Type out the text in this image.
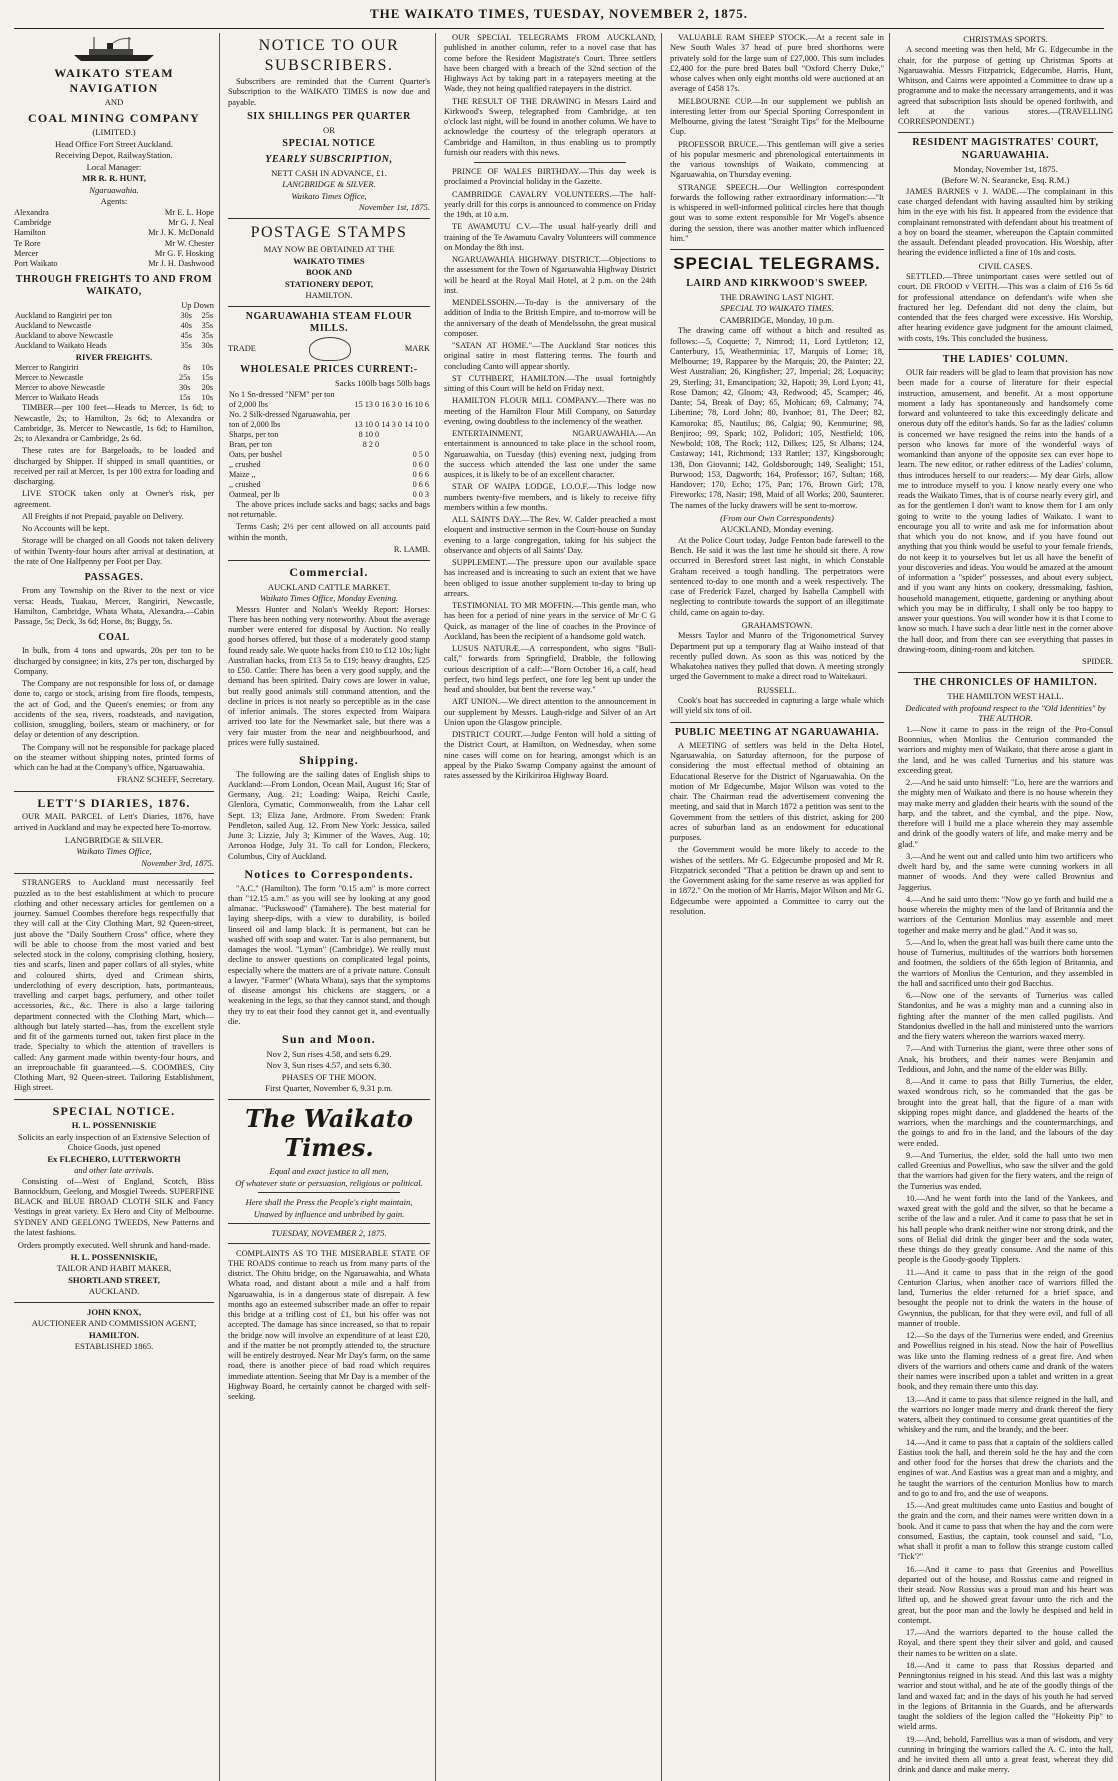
THE WAIKATO TIMES, TUESDAY, NOVEMBER 2, 1875.
WAIKATO STEAM NAVIGATION
AND
COAL MINING COMPANY
(LIMITED.)
Head Office Fort Street Auckland.
Receiving Depot, RailwayStation.
Local Manager:
MR R. R. HUNT,
Ngaruawahia.
Agents:
Alexandra	Mr E. L. Hope
Cambridge	Mr G. J. Neal
Hamilton	Mr J. K. McDonald
Te Rore	Mr W. Chester
Mercer	Mr G. F. Hosking
Port Waikato	Mr J. H. Dashwood
THROUGH FREIGHTS TO AND FROM WAIKATO,
Up Down
Auckland to Rangiriri per ton	30s	25s
Auckland to Newcastle	40s	35s
Auckland to above Newcastle	45s	35s
Auckland to Waikato Heads	35s	30s
RIVER FREIGHTS.
Mercer to Rangiriri	8s	10s
Mercer to Newcastle	25s	15s
Mercer to above Newcastle	30s	20s
Mercer to Waikato Heads	15s	10s

TIMBER—per 100 feet—Heads to Mercer, 1s 6d; to Newcastle, 2s; to Hamilton, 2s 6d; to Alexandra or Cambridge, 3s. Mercer to Newcastle, 1s 6d; to Hamilton, 2s; to Alexandra or Cambridge, 2s 6d.

These rates are for Bargeloads, to be loaded and discharged by Shipper. If shipped in small quantities, or received per rail at Mercer, 1s per 100 extra for loading and discharging.

LIVE STOCK taken only at Owner's risk, per agreement.

All Freights if not Prepaid, payable on Delivery.

No Accounts will be kept.

Storage will be charged on all Goods not taken delivery of within Twenty-four hours after arrival at destination, at the rate of One Halfpenny per Foot per Day.

PASSAGES.

From any Township on the River to the next or vice versa: Heads, Tuakau, Mercer, Rangiriri, Newcastle, Hamilton, Cambridge, Whata Whata, Alexandra.—Cabin Passage, 5s; Deck, 3s 6d; Horse, 8s; Buggy, 5s.

COAL

In bulk, from 4 tons and upwards, 20s per ton to be discharged by consignee; in kits, 27s per ton, discharged by Company.

The Company are not responsible for loss of, or damage done to, cargo or stock, arising from fire floods, tempests, the act of God, and the Queen's enemies; or from any accidents of the sea, rivers, roadsteads, and navigation, collision, smuggling, boilers, steam or machinery, or for delay or detention of any description.

The Company will not be responsible for package placed on the steamer without shipping notes, printed forms of which can be had at the Company's office, Ngaruawahia.

FRANZ SCHEFF, Secretary.
LETT'S DIARIES, 1876.

OUR MAIL PARCEL of Lett's Diaries, 1876, have arrived in Auckland and may be expected here To-morrow.

LANGBRIDGE & SILVER.
Waikato Times Office,
November 3rd, 1875.

STRANGERS to Auckland must necessarily feel puzzled as to the best establishment at which to procure clothing and other necessary articles for gentlemen on a journey. Samuel Coombes therefore begs respectfully that they will call at the City Clothing Mart, 92 Queen-street, just above the "Daily Southern Cross" office, where they will be able to choose from the most varied and best selected stock in the colony, comprising clothing, hosiery, ties and scarfs, linen and paper collars of all styles, white and coloured shirts, dyed and Crimean shirts, underclothing of every description, hats, portmanteaus, travelling and carpet bags, perfumery, and other toilet accessories, &c., &c. There is also a large tailoring department connected with the Clothing Mart, which—although but lately started—has, from the excellent style and fit of the garments turned out, taken first place in the trade. Specialty to which the attention of travellers is called: Any garment made within twenty-four hours, and an irreproachable fit guaranteed.—S. COOMBES, City Clothing Mart, 92 Queen-street. Tailoring Establishment, High street.

SPECIAL NOTICE.
H. L. POSSENNISKIE
Solicits an early inspection of an Extensive Selection of Choice Goods, just opened
Ex FLECHERO, LUTTERWORTH
and other late arrivals.

Consisting of—West of England, Scotch, Bliss Bannockburn, Geelong, and Mosgiel Tweeds. SUPERFINE BLACK and BLUE BROAD CLOTH SILK and Fancy Vestings in great variety. Ex Hero and City of Melbourne. SYDNEY AND GEELONG TWEEDS, New Patterns and the latest fashions.

Orders promptly executed. Well shrunk and hand-made.
H. L. POSSENNISKIE,
TAILOR AND HABIT MAKER,
SHORTLAND STREET,
AUCKLAND.
JOHN KNOX,
AUCTIONEER AND COMMISSION AGENT,
HAMILTON.
ESTABLISHED 1865.
NOTICE TO OUR SUBSCRIBERS.

Subscribers are reminded that the Current Quarter's Subscription to the WAIKATO TIMES is now due and payable.

SIX SHILLINGS PER QUARTER
OR
SPECIAL NOTICE
YEARLY SUBSCRIPTION,
NETT CASH IN ADVANCE, £1.
LANGBRIDGE & SILVER.
Waikato Times Office,
November 1st, 1875.
POSTAGE STAMPS
MAY NOW BE OBTAINED AT THE
WAIKATO TIMES
BOOK AND
STATIONERY DEPOT,
HAMILTON.
NGARUAWAHIA STEAM FLOUR MILLS.
TRADE	MARK
WHOLESALE PRICES CURRENT:-
Sacks 100lb bags 50lb bags
No 1 Sn-dressed "NFM" per ton			
of 2,000 lbs	15 13 0	16 3 0	16 10 6
No. 2 Silk-dressed Ngaruawahia, per			
ton of 2,000 lbs	13 10 0	14 3 0	14 10 0
Sharps, per ton	8 10 0		
Bran, per ton	8 2 0		
Oats, per bushel	0 5 0
,, crushed	0 6 0
Maize ,,	0 6 6
,, crushed	0 6 6
Oatmeal, per lb	0 0 3

The above prices include sacks and bags; sacks and bags not returnable.

Terms Cash; 2½ per cent allowed on all accounts paid within the month.

R. LAMB.
Commercial.
AUCKLAND CATTLE MARKET.
Waikato Times Office, Monday Evening.

Messrs Hunter and Nolan's Weekly Report: Horses: There has been nothing very noteworthy. About the average number were entered for disposal by Auction. No really good horses offered, but those of a moderately good stamp found ready sale. We quote hacks from £10 to £12 10s; light Australian hacks, from £13 5s to £19; heavy draughts, £25 to £50. Cattle: There has been a very good supply, and the demand has been spirited. Dairy cows are lower in value, but really good animals still command attention, and the decline in prices is not nearly so perceptible as in the case of inferior animals. The stores expected from Waipara arrived too late for the Newmarket sale, but there was a very fair muster from the near and neighbourhood, and prices were fully sustained.

Shipping.

The following are the sailing dates of English ships to Auckland:—From London, Ocean Mail, August 16; Star of Germany, Aug. 21; Loading: Waipa, Reichi Castle, Glenlora, Cymatic, Commonwealth, from the Lahar cell Sept. 13; Eliza Jane, Ardmore. From Sweden: Frank Pendleton, sailed Aug. 12. From New York: Jessica, sailed June 3; Lizzie, July 3; Kimmer of the Waves, Aug. 10; Arronoa Hodge, July 31. To call for London, Fleckero, Columbus, City of Auckland.

Notices to Correspondents.

"A.C." (Hamilton). The form "0.15 a.m" is more correct than "12.15 a.m." as you will see by looking at any good almanac. "Puckswood" (Tamahere). The best material for laying sheep-dips, with a view to durability, is boiled linseed oil and lamp black. It is permanent, but can be washed off with soap and water. Tar is also permanent, but damages the wool. "Lyman" (Cambridge). We really must decline to answer questions on complicated legal points, especially where the matters are of a private nature. Consult a lawyer. "Farmer" (Whata Whata), says that the symptoms of disease amongst his chickens are staggers, or a weakening in the legs, so that they cannot stand, and though they try to eat their food they cannot get it, and eventually die.

Sun and Moon.
Nov 2, Sun rises 4.58, and sets 6.29.
Nov 3, Sun rises 4.57, and sets 6.30.
PHASES OF THE MOON.
First Quarter, November 6, 9.31 p.m.
The Waikato Times.
Equal and exact justice to all men,
Of whatever state or persuasion, religious or political.
Here shall the Press the People's right maintain,
Unawed by influence and unbribed by gain.
TUESDAY, NOVEMBER 2, 1875.

COMPLAINTS AS TO THE MISERABLE STATE OF THE ROADS continue to reach us from many parts of the district. The Ohitu bridge, on the Ngaruawahia, and Whata Whata road, and distant about a mile and a half from Ngaruawahia, is in a dangerous state of disrepair. A few months ago an esteemed subscriber made an offer to repair this bridge at a trifling cost of £1, but his offer was not accepted. The damage has since increased, so that to repair the bridge now will involve an expenditure of at least £20, and if the matter be not promptly attended to, the structure will be entirely destroyed. Near Mr Day's farm, on the same road, there is another piece of bad road which requires immediate attention. Seeing that Mr Day is a member of the Highway Board, he certainly cannot be charged with self-seeking.

OUR SPECIAL TELEGRAMS FROM AUCKLAND, published in another column, refer to a novel case that has come before the Resident Magistrate's Court. Three settlers have been charged with a breach of the 32nd section of the Highways Act by taking part in a ratepayers meeting at the Wade, they not being qualified ratepayers in the district.

THE RESULT OF THE DRAWING in Messrs Laird and Kirkwood's Sweep, telegraphed from Cambridge, at ten o'clock last night, will be found in another column. We have to acknowledge the courtesy of the telegraph operators at Cambridge and Hamilton, in thus enabling us to promptly furnish our readers with this news.

PRINCE OF WALES BIRTHDAY.—This day week is proclaimed a Provincial holiday in the Gazette.

CAMBRIDGE CAVALRY VOLUNTEERS.—The half-yearly drill for this corps is announced to commence on Friday the 19th, at 10 a.m.

TE AWAMUTU C.V.—The usual half-yearly drill and training of the Te Awamutu Cavalry Volunteers will commence on Monday the 8th inst.

NGARUAWAHIA HIGHWAY DISTRICT.—Objections to the assessment for the Town of Ngaruawahia Highway District will be heard at the Royal Mail Hotel, at 2 p.m. on the 24th inst.

MENDELSSOHN.—To-day is the anniversary of the addition of India to the British Empire, and to-morrow will be the anniversary of the death of Mendelssohn, the great musical composer.

"SATAN AT HOME."—The Auckland Star notices this original satire in most flattering terms. The fourth and concluding Canto will appear shortly.

ST CUTHBERT, HAMILTON.—The usual fortnightly sitting of this Court will be held on Friday next.

HAMILTON FLOUR MILL COMPANY.—There was no meeting of the Hamilton Flour Mill Company, on Saturday evening, owing doubtless to the inclemency of the weather.

ENTERTAINMENT, NGARUAWAHIA.—An entertainment is announced to take place in the school room, Ngaruawahia, on Tuesday (this) evening next, judging from the success which attended the last one under the same auspices, it is likely to be of an excellent character.

STAR OF WAIPA LODGE, I.O.O.F.—This lodge now numbers twenty-five members, and is likely to receive fifty members within a few months.

ALL SAINTS DAY.—The Rev. W. Calder preached a most eloquent and instructive sermon in the Court-house on Sunday evening to a large congregation, taking for his subject the observance and objects of all Saints' Day.

SUPPLEMENT.—The pressure upon our available space has increased and is increasing to such an extent that we have been obliged to issue another supplement to-day to bring up arrears.

TESTIMONIAL TO MR MOFFIN.—This gentle man, who has been for a period of nine years in the service of Mr C G Quick, as manager of the line of coaches in the Province of Auckland, has been the recipient of a handsome gold watch.

LUSUS NATURÆ.—A correspondent, who signs "Bull-calf," forwards from Springfield, Drabble, the following curious description of a calf:—"Born October 16, a calf, head perfect, two hind legs perfect, one fore leg bent up under the head and shoulder, but bent the reverse way."

ART UNION.—We direct attention to the announcement in our supplement by Messrs. Laugh-ridge and Silver of an Art Union upon the Glasgow principle.

DISTRICT COURT.—Judge Fenton will hold a sitting of the District Court, at Hamilton, on Wednesday, when some nine cases will come on for hearing, amongst which is an appeal by the Piako Swamp Company against the amount of rates assessed by the Kirikiriroa Highway Board.

VALUABLE RAM SHEEP STOCK.—At a recent sale in New South Wales 37 head of pure bred shorthorns were privately sold for the large sum of £27,000. This sum includes £2,400 for the pure bred Bates bull "Oxford Cherry Duke," whose calves when only eight months old were auctioned at an average of £458 17s.

MELBOURNE CUP.—In our supplement we publish an interesting letter from our Special Sporting Correspondent in Melbourne, giving the latest "Straight Tips" for the Melbourne Cup.

PROFESSOR BRUCE.—This gentleman will give a series of his popular mesmeric and phrenological entertainments in the various townships of Waikato, commencing at Ngaruawahia, on Thursday evening.

STRANGE SPEECH.—Our Wellington correspondent forwards the following rather extraordinary information:—"It is whispered in well-informed political circles here that though gout was to some extent responsible for Mr Vogel's absence during the session, there was another matter which influenced him."

SPECIAL TELEGRAMS.
LAIRD AND KIRKWOOD'S SWEEP.
THE DRAWING LAST NIGHT.
SPECIAL TO WAIKATO TIMES.
CAMBRIDGE, Monday, 10 p.m.

The drawing came off without a hitch and resulted as follows:—5, Coquette; 7, Nimrod; 11, Lord Lyttleton; 12, Canterbury, 15, Weatherminia; 17, Marquis of Lorne; 18, Melbourne; 19, Rapparee by the Marquis; 20, the Painter; 22, West Australian; 26, Kingfisher; 27, Imperial; 28, Loquacity; 29, Sterling; 31, Emancipation; 32, Hapoti; 39, Lord Lyon; 41, Rose Damon; 42, Gloom; 43, Redwood; 45, Scamper; 46, Dante; 54, Break of Day; 65, Mohican; 69, Calmany; 74, Libertine; 78, Lord John; 80, Ivanhoe; 81, The Deer; 82, Kamoroka; 85, Nautilus; 86, Calgia; 90, Kenmurine; 98, Benjiroo; 99, Spark; 102, Polidori; 105, Nestfield; 106, Newbold; 108, The Rock; 112, Dilkes; 125, St Albans; 124, Castaway; 141, Richmond; 133 Rattler; 137, Kingsborough; 138, Don Giovanni; 142, Goldsborough; 149, Sealight; 151, Burwood; 153, Dagworth; 164, Professor; 167, Sultan; 168, Handover; 170, Echo; 175, Pan; 176, Brown Girl; 178, Fireworks; 178, Nasir; 198, Maid of all Works; 200, Saunterer. The names of the lucky drawers will be sent to-morrow.

(From our Own Correspondents)
AUCKLAND, Monday evening.

At the Police Court today, Judge Fenton bade farewell to the Bench. He said it was the last time he should sit there. A row occurred in Beresford street last night, in which Constable Graham received a tough handling. The perpetrators were sentenced to-day to one month and a week respectively. The case of Frederick Fazel, charged by Isabella Campbell with neglecting to contribute towards the support of an illegitimate child, came on again to-day.

GRAHAMSTOWN.

Messrs Taylor and Munro of the Trigonometrical Survey Department put up a temporary flag at Waiho instead of that recently pulled down. As soon as this was noticed by the Whakatohea natives they pulled that down. A meeting strongly urged the Government to make a direct road to Waitekauri.

RUSSELL.

Cook's boat has succeeded in capturing a large whale which will yield six tons of oil.

PUBLIC MEETING AT NGARUAWAHIA.

A MEETING of settlers was held in the Delta Hotel, Ngaruawahia, on Saturday afternoon, for the purpose of considering the most effectual method of obtaining an Educational Reserve for the District of Ngaruawahia. On the motion of Mr Edgecumbe, Major Wilson was voted to the chair. The Chairman read the advertisement convening the meeting, and said that in March 1872 a petition was sent to the Government from the settlers of this district, asking for 200 acres of suburban land as an endowment for educational purposes.

the Government would be more likely to accede to the wishes of the settlers. Mr G. Edgecumbe proposed and Mr R. Fitzpatrick seconded "That a petition be drawn up and sent to the Government asking for the same reserve as was applied for in 1872." On the motion of Mr Harris, Major Wilson and Mr G. Edgecumbe were appointed a Committee to carry out the resolution.

CHRISTMAS SPORTS.

A second meeting was then held, Mr G. Edgecumbe in the chair, for the purpose of getting up Christmas Sports at Ngaruawahia. Messrs Fitzpatrick, Edgecumbe, Harris, Hunt, Whitson, and Cairns were appointed a Committee to draw up a programme and to make the necessary arrangements, and it was agreed that subscription lists should be opened forthwith, and left at the various stores.—(TRAVELLING CORRESPONDENT.)

RESIDENT MAGISTRATES' COURT, NGARUAWAHIA.
Monday, November 1st, 1875.
(Before W. N. Searancke, Esq. R.M.)

JAMES BARNES v J. WADE.—The complainant in this case charged defendant with having assaulted him by striking him in the eye with his fist. It appeared from the evidence that complainant remonstrated with defendant about his treatment of a boy on board the steamer, whereupon the Captain committed the assault. Defendant pleaded provocation. His Worship, after hearing the evidence inflicted a fine of 10s and costs.

CIVIL CASES.

SETTLED.—Three unimportant cases were settled out of court. DE FROOD v VEITH.—This was a claim of £16 5s 6d for professional attendance on defendant's wife when she fractured her leg. Defendant did not deny the claim, but contended that the fees charged were excessive. His Worship, after hearing evidence gave judgment for the amount claimed, with costs, 19s. This concluded the business.

THE LADIES' COLUMN.

OUR fair readers will be glad to learn that provision has now been made for a course of literature for their especial instruction, amusement, and benefit. At a most opportune moment a lady has spontaneously and handsomely come forward and volunteered to take this exceedingly delicate and onerous duty off the editor's hands. So far as the ladies' column is concerned we have resigned the reins into the hands of a person who knows far more of the wonderful ways of womankind than anyone of the opposite sex can ever hope to learn. The new editor, or rather editress of the Ladies' column, thus introduces herself to our readers:— My dear Girls, allow me to introduce myself to you. I know nearly every one who reads the Waikato Times, that is of course nearly every girl, and as for the gentlemen I don't want to know them for I am only going to write to the young ladies of Waikato. I want to encourage you all to write and ask me for information about that which you do not know, and if you have found out anything that you think would be useful to your female friends, do not keep it to yourselves but let us all have the benefit of your discoveries and ideas. You would be amazed at the amount of information a "spider" possesses, and about every subject, and if you want any hints on cookery, dressmaking, fashion, household management, etiquette, gardening or anything about which you may be in difficulty, I shall only be too happy to answer your questions. You will wonder how it is that I come to know so much. I have such a dear little nest in the corner above the hall door, and from there can see everything that passes in drawing-room, dining-room and kitchen.

SPIDER.
THE CHRONICLES OF HAMILTON.
THE HAMILTON WEST HALL.
Dedicated with profound respect to the "Old Identities" by THE AUTHOR.

1.—Now it came to pass in the reign of the Pro-Consul Boonnius, when Monlius the Centurion commanded the warriors and mighty men of Waikato, that there arose a giant in the land, and he was called Turnerius and his stature was exceeding great.

2.—And he said unto himself: "Lo, here are the warriors and the mighty men of Waikato and there is no house wherein they may make merry and gladden their hearts with the sound of the harp, and the tabret, and the cymbal, and the pipe. Now, therefore will I build me a place wherein they may assemble and drink of the goodly waters of life, and make merry and be glad."

3.—And he went out and called unto him two artificers who dwelt hard by, and the same were cunning workers in all manner of woods. And they were called Brownius and Jaggerius.

4.—And he said unto them: "Now go ye forth and build me a house wherein the mighty men of the land of Britannia and the warriors of the Centurion Monlius may assemble and meet together and make merry and be glad." And it was so.

5.—And lo, when the great hall was built there came unto the house of Turnerius, multitudes of the warriors both horsemen and footmen, the soldiers of the 65th legion of Britannia, and the warriors of Monlius the Centurion, and they assembled in the hall and sacrificed unto their god Bacchus.

6.—Now one of the servants of Turnerius was called Standonius, and he was a mighty man and a cunning also in fighting after the manner of the men called pugilists. And Standonius dwelled in the hall and ministered unto the warriors and the fiery waters whereon the warriors waxed merry.

7.—And with Turnerius the giant, were three other sons of Anak, his brothers, and their names were Benjamin and Teddious, and John, and the name of the elder was Billy.

8.—And it came to pass that Billy Turnerius, the elder, waxed wondrous rich, so he commanded that the gas be brought into the great hall, that the figure of a man with skipping ropes might dance, and gladdened the hearts of the warriors, when the marchings and the countermarchings, and the goings to and fro in the land, and the labours of the day were ended.

9.—And Turnerius, the elder, sold the hall unto two men called Greenius and Powellius, who saw the silver and the gold that the warriors had given for the fiery waters, and the reign of the Turnerius was ended.

10.—And he went forth into the land of the Yankees, and waxed great with the gold and the silver, so that he became a scribe of the law and a ruler. And it came to pass that he set in his hall people who drank neither wine nor strong drink, and the sons of Belial did drink the ginger beer and the soda water, these things do they greatly consume. And the name of this people is the Goody-goody Tipplers.

11.—And it came to pass that in the reign of the good Centurion Clarius, when another race of warriors filled the land, Turnerius the elder returned for a brief space, and besought the people not to drink the waters in the house of Gwynnius, the publican, for that they were evil, and full of all manner of trouble.

12.—So the days of the Turnerius were ended, and Greenius and Powellius reigned in his stead. Now the hair of Powellius was like unto the flaming redness of a great fire. And when divers of the warriors and others came and drank of the waters their names were inscribed upon a tablet and written in a great book, and they remain there unto this day.

13.—And it came to pass that silence reigned in the hall, and the warriors no longer made merry and drank thereof the fiery waters, albeit they continued to consume great quantities of the whiskey and the rum, and the brandy, and the beer.

14.—And it came to pass that a captain of the soldiers called Eastius took the hall, and therein sold he the hay and the corn and other food for the horses that drew the chariots and the engines of war. And Eastius was a great man and a mighty, and he taught the warriors of the centurion Monlius how to march and to go to and fro, and the use of weapons.

15.—And great multitudes came unto Eastius and bought of the grain and the corn, and their names were written down in a book. And it came to pass that when the hay and the corn were consumed, Eastius, the captain, took counsel and said, "Lo, what shall it profit a man to follow this strange custom called 'Tick'?"

16.—And it came to pass that Greenius and Powellius departed out of the house, and Rossius came and reigned in their stead. Now Rossius was a proud man and his heart was lifted up, and he showed great favour unto the rich and the great, but the poor man and the lowly he despised and held in contempt.

17.—And the warriors departed to the house called the Royal, and there spent they their silver and gold, and caused their names to be written on a slate.

18.—And it came to pass that Rossius departed and Penningtonius reigned in his stead. And this last was a mighty warrior and stout withal, and he ate of the goodly things of the land and waxed fat; and in the days of his youth he had served in the legions of Britannia in the Guards, and he afterwards taught the soldiers of the legion called the "Hokeitty Pip" to wield arms.

19.—And, behold, Farrellius was a man of wisdom, and very cunning in bringing the warriors called the A. C. into the hall, and he invited them all unto a great feast, whereat they did drink and dance and make merry.
